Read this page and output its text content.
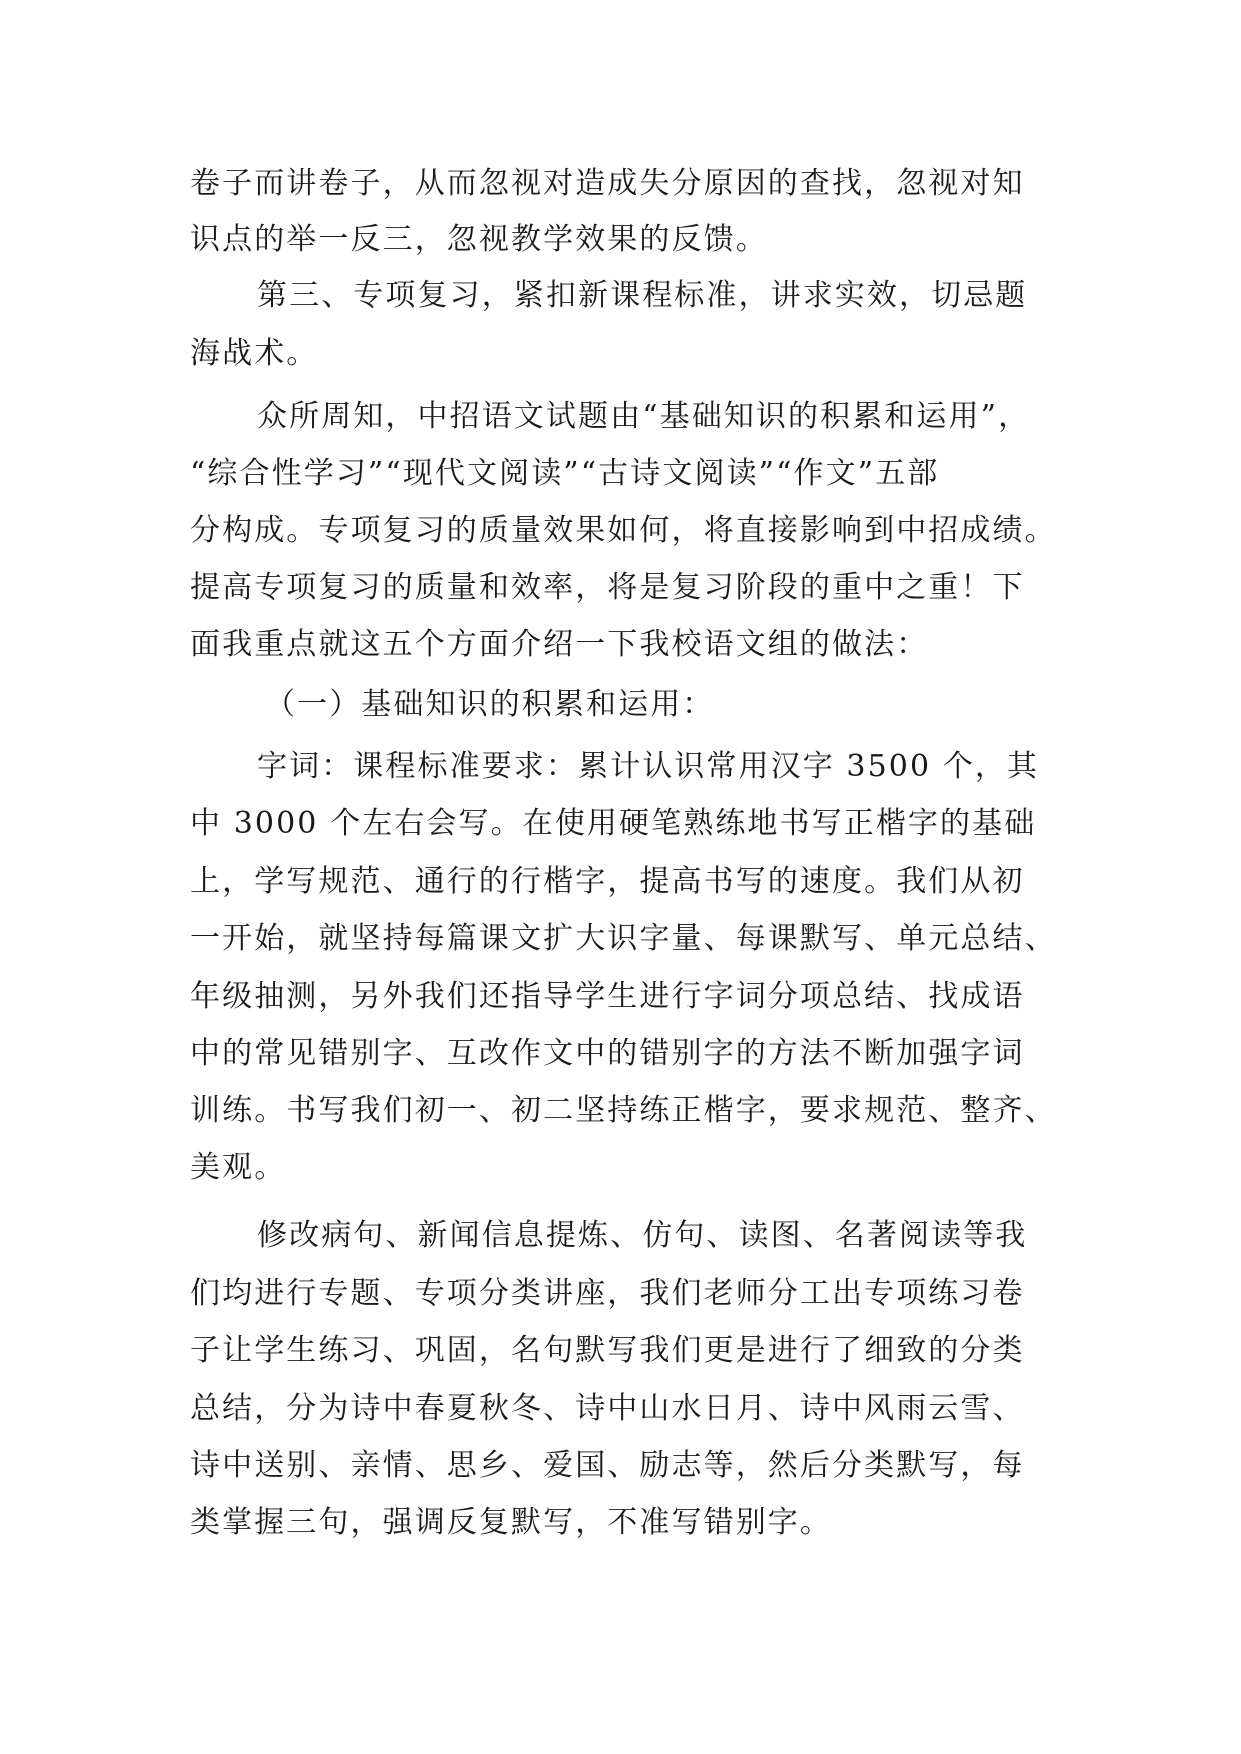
卷子而讲卷子，从而忽视对造成失分原因的查找，忽视对知
识点的举一反三，忽视教学效果的反馈。
第三、专项复习，紧扣新课程标准，讲求实效，切忌题
海战术。
众所周知，中招语文试题由“基础知识的积累和运用”，
“综合性学习”“现代文阅读”“古诗文阅读”“作文”五部
分构成。专项复习的质量效果如何，将直接影响到中招成绩。
提高专项复习的质量和效率，将是复习阶段的重中之重！下
面我重点就这五个方面介绍一下我校语文组的做法：
（一）基础知识的积累和运用：
字词：课程标准要求：累计认识常用汉字 3500 个，其
中 3000 个左右会写。在使用硬笔熟练地书写正楷字的基础
上，学写规范、通行的行楷字，提高书写的速度。我们从初
一开始，就坚持每篇课文扩大识字量、每课默写、单元总结、
年级抽测，另外我们还指导学生进行字词分项总结、找成语
中的常见错别字、互改作文中的错别字的方法不断加强字词
训练。书写我们初一、初二坚持练正楷字，要求规范、整齐、
美观。
修改病句、新闻信息提炼、仿句、读图、名著阅读等我
们均进行专题、专项分类讲座，我们老师分工出专项练习卷
子让学生练习、巩固，名句默写我们更是进行了细致的分类
总结，分为诗中春夏秋冬、诗中山水日月、诗中风雨云雪、
诗中送别、亲情、思乡、爱国、励志等，然后分类默写，每
类掌握三句，强调反复默写，不准写错别字。
